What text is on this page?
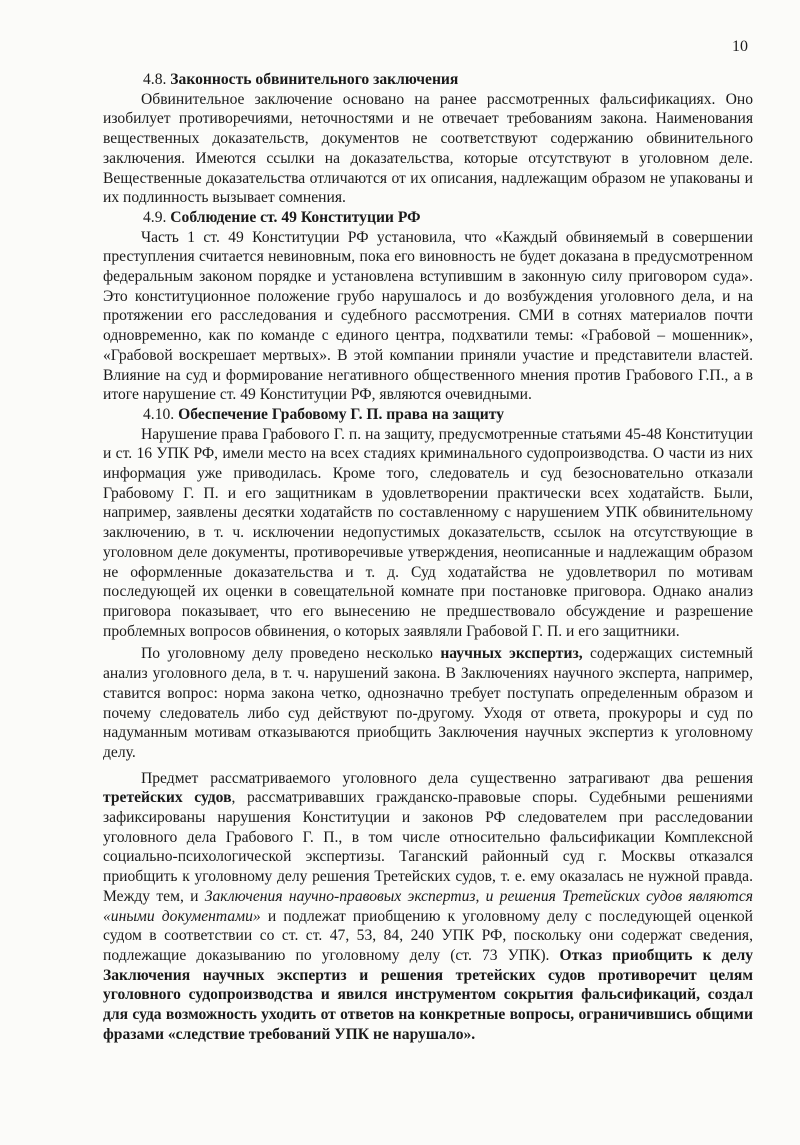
10

4.8. Законность обвинительного заключения

Обвинительное заключение основано на ранее рассмотренных фальсификациях. Оно изобилует противоречиями, неточностями и не отвечает требованиям закона. Наименования вещественных доказательств, документов не соответствуют содержанию обвинительного заключения. Имеются ссылки на доказательства, которые отсутствуют в уголовном деле. Вещественные доказательства отличаются от их описания, надлежащим образом не упакованы и их подлинность вызывает сомнения.

4.9. Соблюдение ст. 49 Конституции РФ

Часть 1 ст. 49 Конституции РФ установила, что «Каждый обвиняемый в совершении преступления считается невиновным, пока его виновность не будет доказана в предусмотренном федеральным законом порядке и установлена вступившим в законную силу приговором суда». Это конституционное положение грубо нарушалось и до возбуждения уголовного дела, и на протяжении его расследования и судебного рассмотрения. СМИ в сотнях материалов почти одновременно, как по команде с единого центра, подхватили темы: «Грабовой – мошенник», «Грабовой воскрешает мертвых». В этой компании приняли участие и представители властей. Влияние на суд и формирование негативного общественного мнения против Грабового Г.П., а в итоге нарушение ст. 49 Конституции РФ, являются очевидными.

4.10. Обеспечение Грабовому Г. П. права на защиту

Нарушение права Грабового Г. п. на защиту, предусмотренные статьями 45-48 Конституции и ст. 16 УПК РФ, имели место на всех стадиях криминального судопроизводства. О части из них информация уже приводилась. Кроме того, следователь и суд безосновательно отказали Грабовому Г. П. и его защитникам в удовлетворении практически всех ходатайств. Были, например, заявлены десятки ходатайств по составленному с нарушением УПК обвинительному заключению, в т. ч. исключении недопустимых доказательств, ссылок на отсутствующие в уголовном деле документы, противоречивые утверждения, неописанные и надлежащим образом не оформленные доказательства и т. д. Суд ходатайства не удовлетворил по мотивам последующей их оценки в совещательной комнате при постановке приговора. Однако анализ приговора показывает, что его вынесению не предшествовало обсуждение и разрешение проблемных вопросов обвинения, о которых заявляли Грабовой Г. П. и его защитники.

По уголовному делу проведено несколько научных экспертиз, содержащих системный анализ уголовного дела, в т. ч. нарушений закона. В Заключениях научного эксперта, например, ставится вопрос: норма закона четко, однозначно требует поступать определенным образом и почему следователь либо суд действуют по-другому. Уходя от ответа, прокуроры и суд по надуманным мотивам отказываются приобщить Заключения научных экспертиз к уголовному делу.

Предмет рассматриваемого уголовного дела существенно затрагивают два решения третейских судов, рассматривавших гражданско-правовые споры. Судебными решениями зафиксированы нарушения Конституции и законов РФ следователем при расследовании уголовного дела Грабового Г. П., в том числе относительно фальсификации Комплексной социально-психологической экспертизы. Таганский районный суд г. Москвы отказался приобщить к уголовному делу решения Третейских судов, т. е. ему оказалась не нужной правда. Между тем, и Заключения научно-правовых экспертиз, и решения Третейских судов являются «иными документами» и подлежат приобщению к уголовному делу с последующей оценкой судом в соответствии со ст. ст. 47, 53, 84, 240 УПК РФ, поскольку они содержат сведения, подлежащие доказыванию по уголовному делу (ст. 73 УПК). Отказ приобщить к делу Заключения научных экспертиз и решения третейских судов противоречит целям уголовного судопроизводства и явился инструментом сокрытия фальсификаций, создал для суда возможность уходить от ответов на конкретные вопросы, ограничившись общими фразами «следствие требований УПК не нарушало».
